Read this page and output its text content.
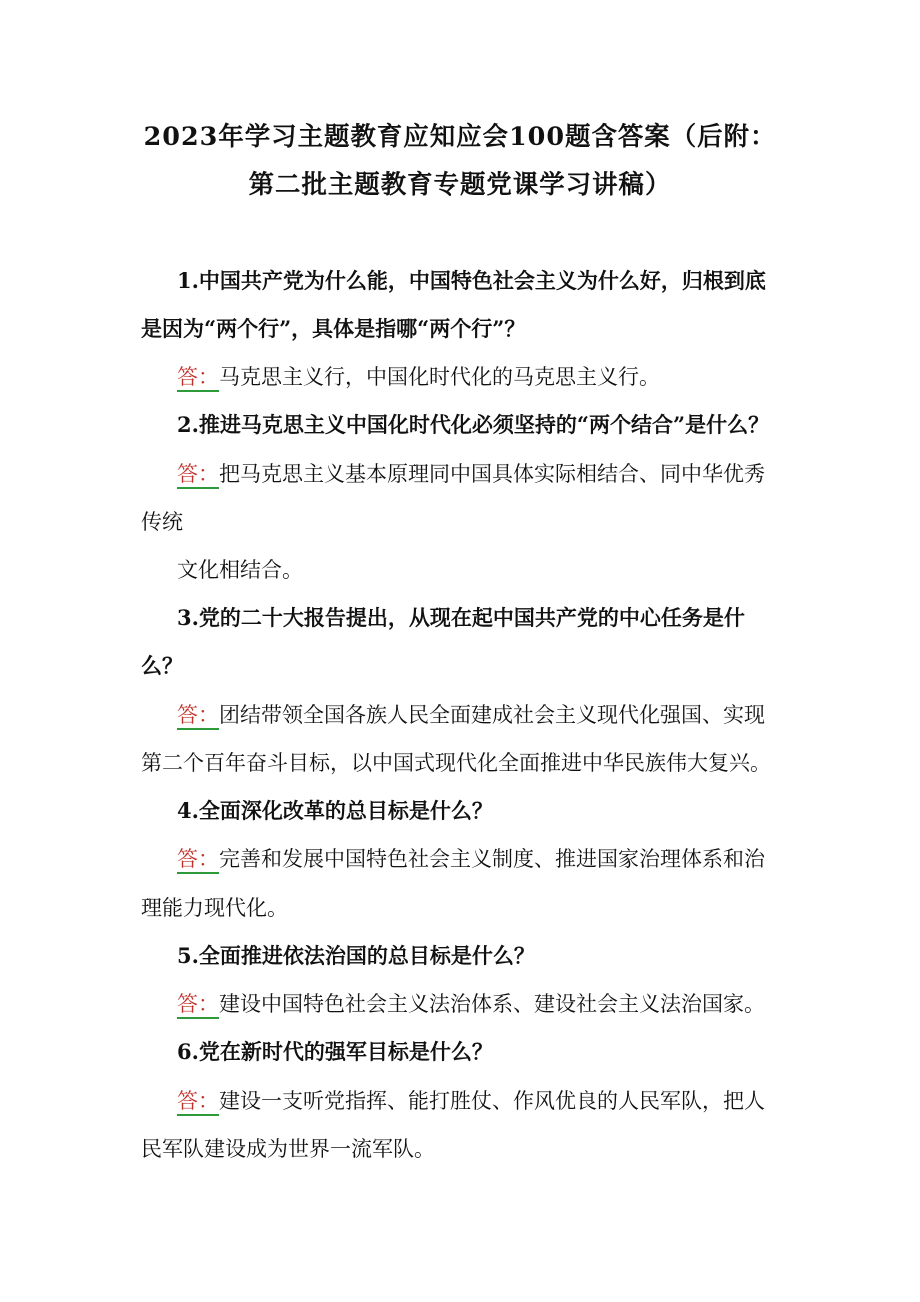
2023年学习主题教育应知应会100题含答案（后附：
第二批主题教育专题党课学习讲稿）
1.中国共产党为什么能，中国特色社会主义为什么好，归根到底
是因为“两个行”，具体是指哪“两个行”？
答：马克思主义行，中国化时代化的马克思主义行。
2.推进马克思主义中国化时代化必须坚持的“两个结合”是什么？
答：把马克思主义基本原理同中国具体实际相结合、同中华优秀
传统
文化相结合。
3.党的二十大报告提出，从现在起中国共产党的中心任务是什
么？
答：团结带领全国各族人民全面建成社会主义现代化强国、实现
第二个百年奋斗目标，以中国式现代化全面推进中华民族伟大复兴。
4.全面深化改革的总目标是什么？
答：完善和发展中国特色社会主义制度、推进国家治理体系和治
理能力现代化。
5.全面推进依法治国的总目标是什么？
答：建设中国特色社会主义法治体系、建设社会主义法治国家。
6.党在新时代的强军目标是什么？
答：建设一支听党指挥、能打胜仗、作风优良的人民军队，把人
民军队建设成为世界一流军队。
